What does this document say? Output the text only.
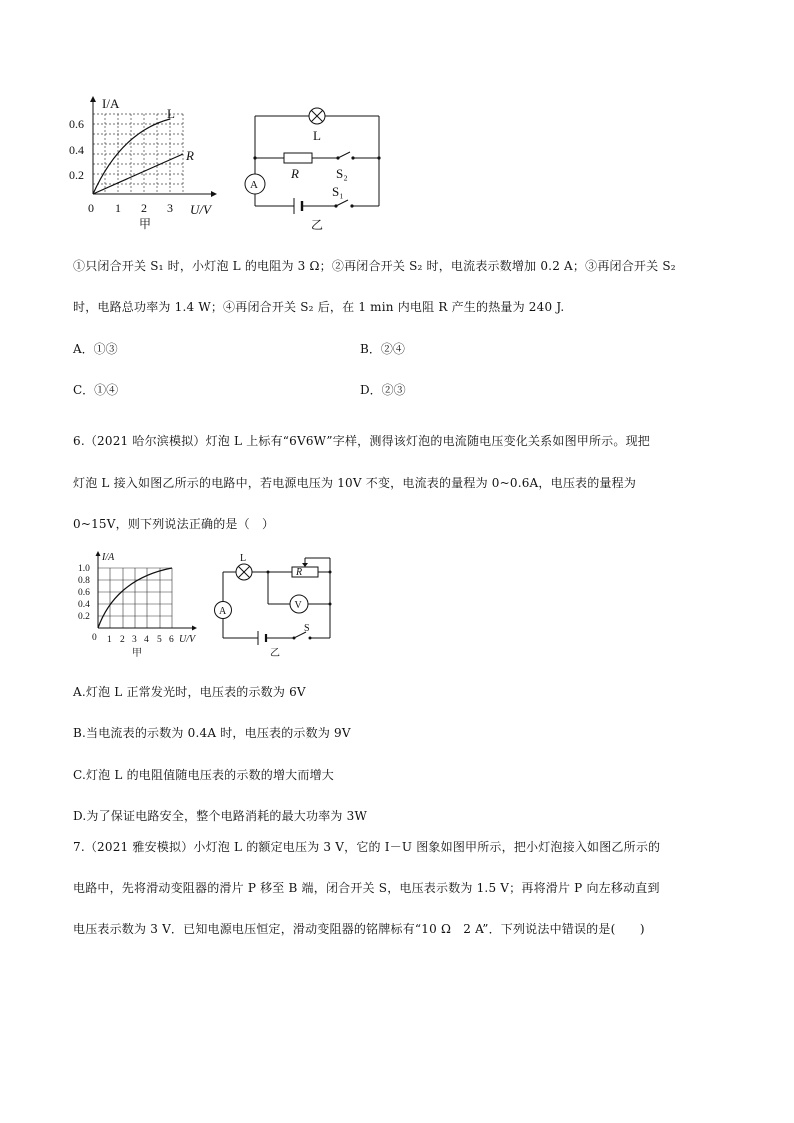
I/A
0.6
0.4
0.2
0 1 2 3 U/V
L
R
甲
A
L
R	S₂
S₁
乙
①只闭合开关 S₁ 时，小灯泡 L 的电阻为 3 Ω；②再闭合开关 S₂ 时，电流表示数增加 0.2 A；③再闭合开关 S₂
时，电路总功率为 1.4 W；④再闭合开关 S₂ 后，在 1 min 内电阻 R 产生的热量为 240 J.
A．①③	B．②④
C．①④	D．②③
6.（2021 哈尔滨模拟）灯泡 L 上标有“6V6W”字样，测得该灯泡的电流随电压变化关系如图甲所示。现把
灯泡 L 接入如图乙所示的电路中，若电源电压为 10V 不变，电流表的量程为 0~0.6A，电压表的量程为
0~15V，则下列说法正确的是（　）
I/A
1.0
0.8
0.6
0.4
0.2
0 1 2 3 4 5 6 U/V
甲
V
A
L
R
S
乙
A.灯泡 L 正常发光时，电压表的示数为 6V
B.当电流表的示数为 0.4A 时，电压表的示数为 9V
C.灯泡 L 的电阻值随电压表的示数的增大而增大
D.为了保证电路安全，整个电路消耗的最大功率为 3W
7.（2021 雅安模拟）小灯泡 L 的额定电压为 3 V，它的 I－U 图象如图甲所示，把小灯泡接入如图乙所示的
电路中，先将滑动变阻器的滑片 P 移至 B 端，闭合开关 S，电压表示数为 1.5 V；再将滑片 P 向左移动直到
电压表示数为 3 V．已知电源电压恒定，滑动变阻器的铭牌标有“10 Ω　2 A”．下列说法中错误的是(　　)
